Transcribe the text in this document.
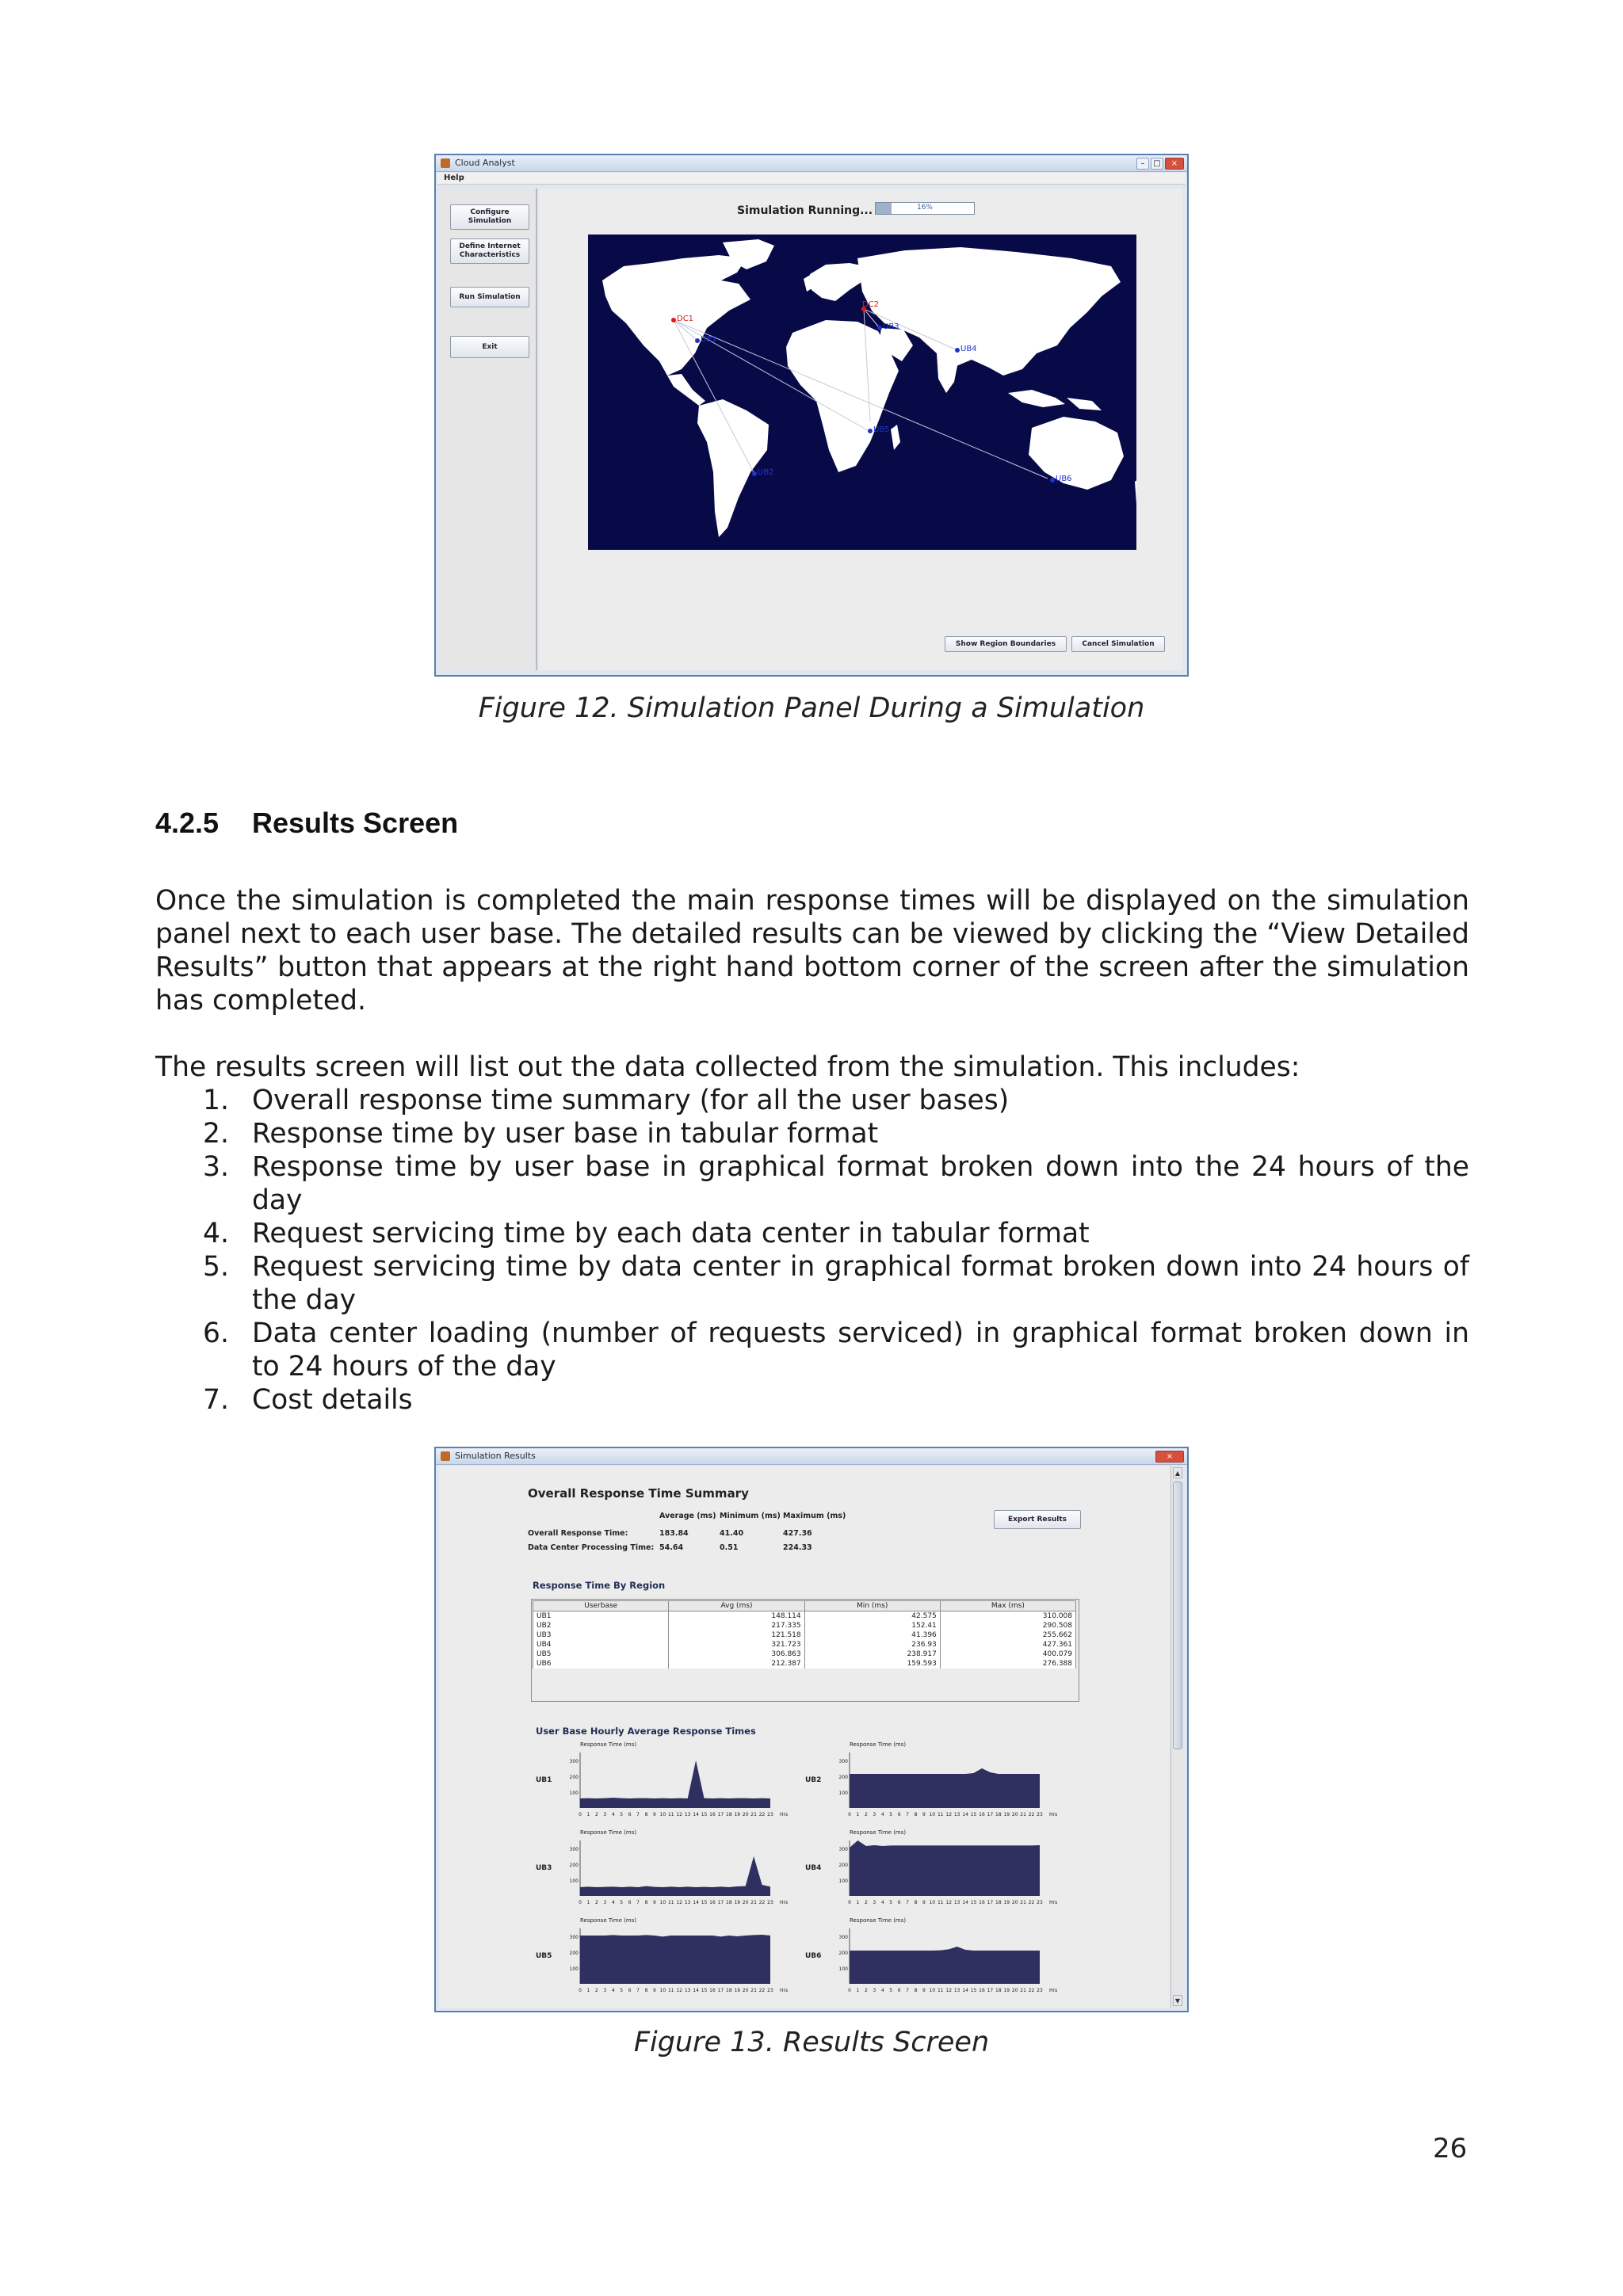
Cloud Analyst	–	□	×
Help
Configure
Simulation
Define Internet
Characteristics
Run Simulation
Exit
Simulation Running...	16%
DC1
DC2
UB1
UB2
UB3
UB4
UB5
UB6
Show Region Boundaries	Cancel Simulation
Figure 12. Simulation Panel During a Simulation
4.2.5 Results Screen
Once the simulation is completed the main response times will be displayed on the simulation
panel next to each user base. The detailed results can be viewed by clicking the “View Detailed
Results” button that appears at the right hand bottom corner of the screen after the simulation
has completed.
The results screen will list out the data collected from the simulation. This includes:
1. Overall response time summary (for all the user bases)
2. Response time by user base in tabular format
3. Response time by user base in graphical format broken down into the 24 hours of the
day
4. Request servicing time by each data center in tabular format
5. Request servicing time by data center in graphical format broken down into 24 hours of
the day
6. Data center loading (number of requests serviced) in graphical format broken down in
to 24 hours of the day
7. Cost details
Simulation Results	×
▲
▼
Overall Response Time Summary
Average (ms) Minimum (ms) Maximum (ms)
Overall Response Time:	183.84	41.40	427.36
Data Center Processing Time: 54.64	0.51	224.33
Export Results
Response Time By Region
Userbase	Avg (ms)	Min (ms)	Max (ms)
UB1	148.114	42.575	310.008
UB2	217.335	152.41	290.508
UB3	121.518	41.396	255.662
UB4	321.723	236.93	427.361
UB5	306.863	238.917	400.079
UB6	212.387	159.593	276.388
User Base Hourly Average Response Times
UB1
Response Time (ms)
100
200
300
0 1 2 3 4 5 6 7 8 9 10 11 12 13 14 15 16 17 18 19 20 21 22 23 Hrs
UB2
Response Time (ms)
100
200
300
0 1 2 3 4 5 6 7 8 9 10 11 12 13 14 15 16 17 18 19 20 21 22 23 Hrs
UB3
Response Time (ms)
100
200
300
0 1 2 3 4 5 6 7 8 9 10 11 12 13 14 15 16 17 18 19 20 21 22 23 Hrs
UB4
Response Time (ms)
100
200
300
0 1 2 3 4 5 6 7 8 9 10 11 12 13 14 15 16 17 18 19 20 21 22 23 Hrs
UB5
Response Time (ms)
100
200
300
0 1 2 3 4 5 6 7 8 9 10 11 12 13 14 15 16 17 18 19 20 21 22 23 Hrs
UB6
Response Time (ms)
100
200
300
0 1 2 3 4 5 6 7 8 9 10 11 12 13 14 15 16 17 18 19 20 21 22 23 Hrs
Figure 13. Results Screen
26
